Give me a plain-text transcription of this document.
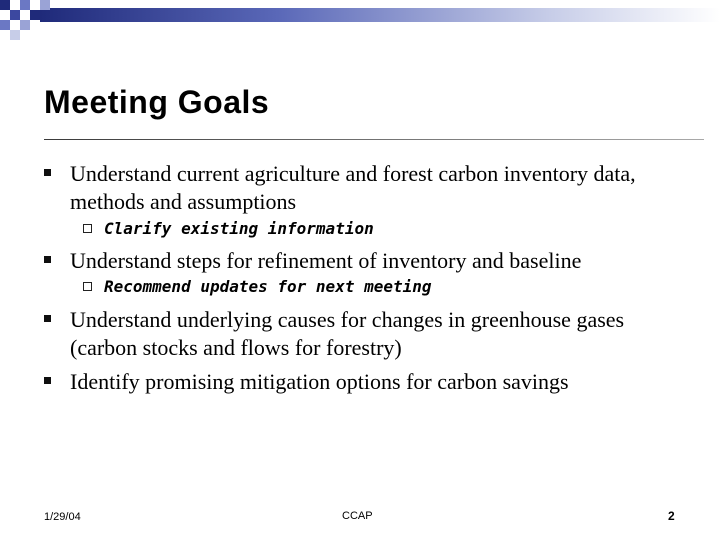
Meeting Goals
Understand current agriculture and forest carbon inventory data, methods and assumptions
Clarify existing information
Understand steps for refinement of inventory and baseline
Recommend updates for next meeting
Understand underlying causes for changes in greenhouse gases (carbon stocks and flows for forestry)
Identify promising mitigation options for carbon savings
1/29/04	CCAP	2
